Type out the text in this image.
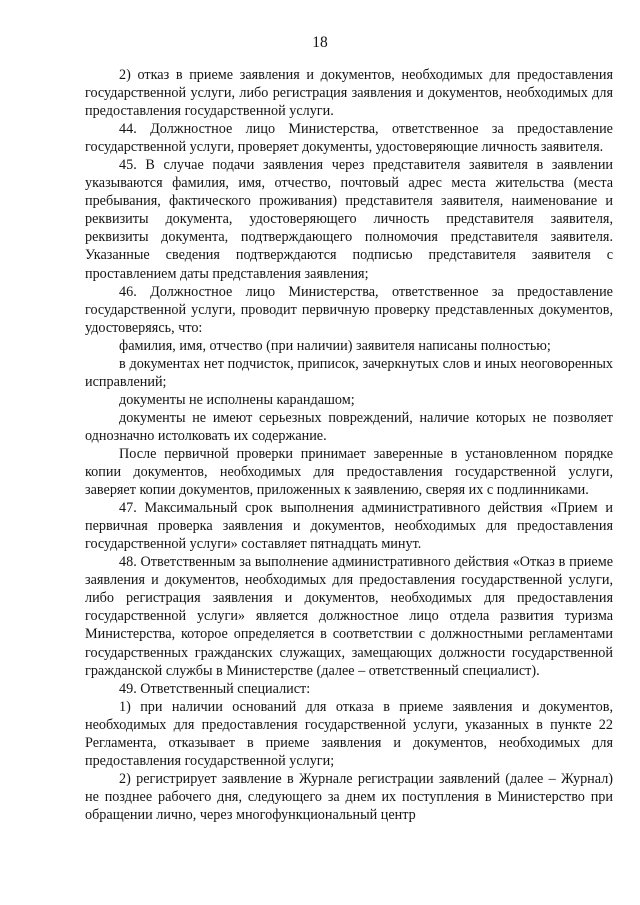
18

2) отказ в приеме заявления и документов, необходимых для предоставления государственной услуги, либо регистрация заявления и документов, необходимых для предоставления государственной услуги.

44. Должностное лицо Министерства, ответственное за предоставление государственной услуги, проверяет документы, удостоверяющие личность заявителя.

45. В случае подачи заявления через представителя заявителя в заявлении указываются фамилия, имя, отчество, почтовый адрес места жительства (места пребывания, фактического проживания) представителя заявителя, наименование и реквизиты документа, удостоверяющего личность представителя заявителя, реквизиты документа, подтверждающего полномочия представителя заявителя. Указанные сведения подтверждаются подписью представителя заявителя с проставлением даты представления заявления;

46. Должностное лицо Министерства, ответственное за предоставление государственной услуги, проводит первичную проверку представленных документов, удостоверяясь, что:

фамилия, имя, отчество (при наличии) заявителя написаны полностью;

в документах нет подчисток, приписок, зачеркнутых слов и иных неоговоренных исправлений;

документы не исполнены карандашом;

документы не имеют серьезных повреждений, наличие которых не позволяет однозначно истолковать их содержание.

После первичной проверки принимает заверенные в установленном порядке копии документов, необходимых для предоставления государственной услуги, заверяет копии документов, приложенных к заявлению, сверяя их с подлинниками.

47. Максимальный срок выполнения административного действия «Прием и первичная проверка заявления и документов, необходимых для предоставления государственной услуги» составляет пятнадцать минут.

48. Ответственным за выполнение административного действия «Отказ в приеме заявления и документов, необходимых для предоставления государственной услуги, либо регистрация заявления и документов, необходимых для предоставления государственной услуги» является должностное лицо отдела развития туризма Министерства, которое определяется в соответствии с должностными регламентами государственных гражданских служащих, замещающих должности государственной гражданской службы в Министерстве (далее – ответственный специалист).

49. Ответственный специалист:

1) при наличии оснований для отказа в приеме заявления и документов, необходимых для предоставления государственной услуги, указанных в пункте 22 Регламента, отказывает в приеме заявления и документов, необходимых для предоставления государственной услуги;

2) регистрирует заявление в Журнале регистрации заявлений (далее – Журнал) не позднее рабочего дня, следующего за днем их поступления в Министерство при обращении лично, через многофункциональный центр
